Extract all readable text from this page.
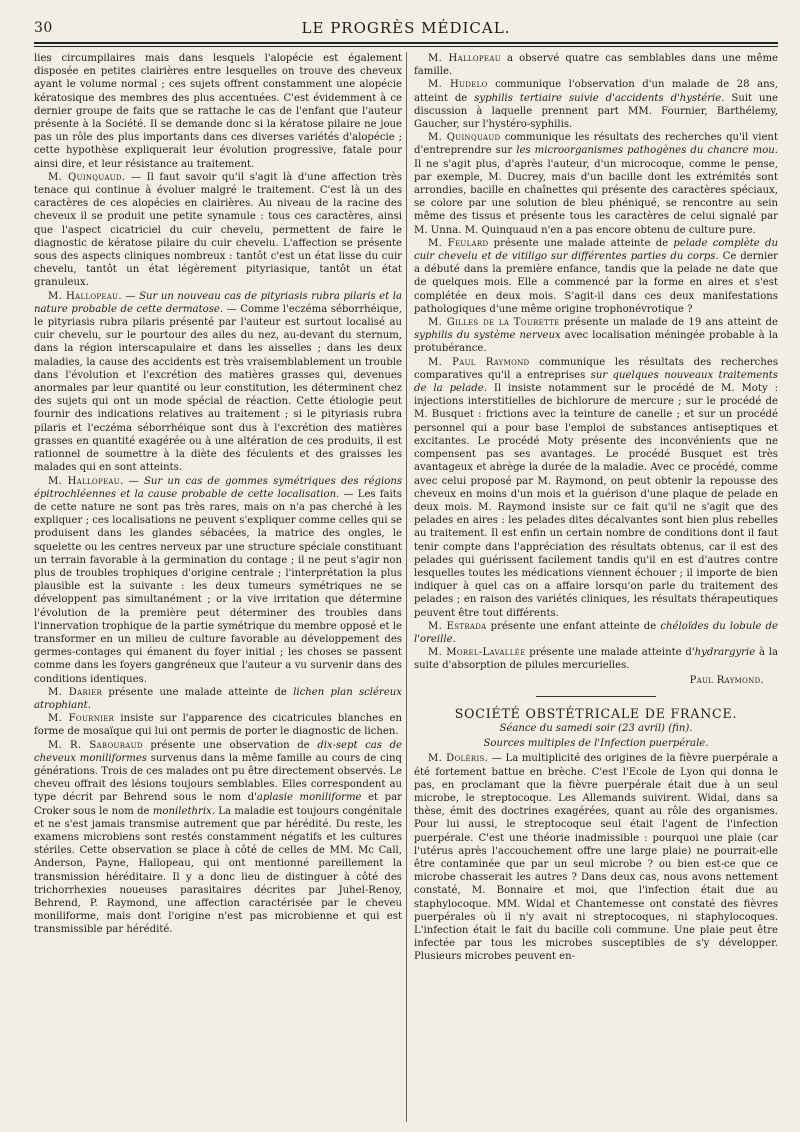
30	LE PROGRÈS MÉDICAL.

lies circumpilaires mais dans lesquels l'alopécie est également disposée en petites clairières entre lesquelles on trouve des cheveux ayant le volume normal ; ces sujets offrent constamment une alopécie kératosique des membres des plus accentuées. C'est évidemment à ce dernier groupe de faits que se rattache le cas de l'enfant que l'auteur présente à la Société. Il se demande donc si la kératose pilaire ne joue pas un rôle des plus importants dans ces diverses variétés d'alopécie ; cette hypothèse expliquerait leur évolution progressive, fatale pour ainsi dire, et leur résistance au traitement.

M. Quinquaud. — Il faut savoir qu'il s'agit là d'une affection très tenace qui continue à évoluer malgré le traitement. C'est là un des caractères de ces alopécies en clairières. Au niveau de la racine des cheveux il se produit une petite synamule : tous ces caractères, ainsi que l'aspect cicatriciel du cuir chevelu, permettent de faire le diagnostic de kératose pilaire du cuir chevelu. L'affection se présente sous des aspects cliniques nombreux : tantôt c'est un état lisse du cuir chevelu, tantôt un état légèrement pityriasique, tantôt un état granuleux.

M. Hallopeau. — Sur un nouveau cas de pityriasis rubra pilaris et la nature probable de cette dermatose. — Comme l'eczéma séborrhéique, le pityriasis rubra pilaris présenté par l'auteur est surtout localisé au cuir chevelu, sur le pourtour des ailes du nez, au-devant du sternum, dans la région interscapulaire et dans les aisselles ; dans les deux maladies, la cause des accidents est très vraisemblablement un trouble dans l'évolution et l'excrétion des matières grasses qui, devenues anormales par leur quantité ou leur constitution, les déterminent chez des sujets qui ont un mode spécial de réaction. Cette étiologie peut fournir des indications relatives au traitement ; si le pityriasis rubra pilaris et l'eczéma séborrhéique sont dus à l'excrétion des matières grasses en quantité exagérée ou à une altération de ces produits, il est rationnel de soumettre à la diète des féculents et des graisses les malades qui en sont atteints.

M. Hallopeau. — Sur un cas de gommes symétriques des régions épitrochléennes et la cause probable de cette localisation. — Les faits de cette nature ne sont pas très rares, mais on n'a pas cherché à les expliquer ; ces localisations ne peuvent s'expliquer comme celles qui se produisent dans les glandes sébacées, la matrice des ongles, le squelette ou les centres nerveux par une structure spéciale constituant un terrain favorable à la germination du contage ; il ne peut s'agir non plus de troubles trophiques d'origine centrale ; l'interprétation la plus plausible est la suivante : les deux tumeurs symétriques ne se développent pas simultanément ; or la vive irritation que détermine l'évolution de la première peut déterminer des troubles dans l'innervation trophique de la partie symétrique du membre opposé et le transformer en un milieu de culture favorable au développement des germes-contages qui émanent du foyer initial ; les choses se passent comme dans les foyers gangréneux que l'auteur a vu survenir dans des conditions identiques.

M. Darier présente une malade atteinte de lichen plan scléreux atrophiant.

M. Fournier insiste sur l'apparence des cicatricules blanches en forme de mosaïque qui lui ont permis de porter le diagnostic de lichen.

M. R. Sabouraud présente une observation de dix-sept cas de cheveux moniliformes survenus dans la même famille au cours de cinq générations. Trois de ces malades ont pu être directement observés. Le cheveu offrait des lésions toujours semblables. Elles correspondent au type décrit par Behrend sous le nom d'aplasie moniliforme et par Croker sous le nom de monilethrix. La maladie est toujours congénitale et ne s'est jamais transmise autrement que par hérédité. Du reste, les examens microbiens sont restés constamment négatifs et les cultures stériles. Cette observation se place à côté de celles de MM. Mc Call, Anderson, Payne, Hallopeau, qui ont mentionné pareillement la transmission héréditaire. Il y a donc lieu de distinguer à côté des trichorrhexies noueuses parasitaires décrites par Juhel-Renoy, Behrend, P. Raymond, une affection caractérisée par le cheveu moniliforme, mais dont l'origine n'est pas microbienne et qui est transmissible par hérédité.

M. Hallopeau a observé quatre cas semblables dans une même famille.

M. Hudelo communique l'observation d'un malade de 28 ans, atteint de syphilis tertiaire suivie d'accidents d'hystérie. Suit une discussion à laquelle prennent part MM. Fournier, Barthélemy, Gaucher, sur l'hystéro-syphilis.

M. Quinquaud communique les résultats des recherches qu'il vient d'entreprendre sur les microorganismes pathogènes du chancre mou. Il ne s'agit plus, d'après l'auteur, d'un microcoque, comme le pense, par exemple, M. Ducrey, mais d'un bacille dont les extrémités sont arrondies, bacille en chaînettes qui présente des caractères spéciaux, se colore par une solution de bleu phéniqué, se rencontre au sein même des tissus et présente tous les caractères de celui signalé par M. Unna. M. Quinquaud n'en a pas encore obtenu de culture pure.

M. Feulard présente une malade atteinte de pelade complète du cuir chevelu et de vitiligo sur différentes parties du corps. Ce dernier a débuté dans la première enfance, tandis que la pelade ne date que de quelques mois. Elle a commencé par la forme en aires et s'est complétée en deux mois. S'agit-il dans ces deux manifestations pathologiques d'une même origine trophonévrotique ?

M. Gilles de la Tourette présente un malade de 19 ans atteint de syphilis du système nerveux avec localisation méningée probable à la protubérance.

M. Paul Raymond communique les résultats des recherches comparatives qu'il a entreprises sur quelques nouveaux traitements de la pelade. Il insiste notamment sur le procédé de M. Moty : injections interstitielles de bichlorure de mercure ; sur le procédé de M. Busquet : frictions avec la teinture de canelle ; et sur un procédé personnel qui a pour base l'emploi de substances antiseptiques et excitantes. Le procédé Moty présente des inconvénients que ne compensent pas ses avantages. Le procédé Busquet est très avantageux et abrège la durée de la maladie. Avec ce procédé, comme avec celui proposé par M. Raymond, on peut obtenir la repousse des cheveux en moins d'un mois et la guérison d'une plaque de pelade en deux mois. M. Raymond insiste sur ce fait qu'il ne s'agit que des pelades en aires : les pelades dites décalvantes sont bien plus rebelles au traitement. Il est enfin un certain nombre de conditions dont il faut tenir compte dans l'appréciation des résultats obtenus, car il est des pelades qui guérissent facilement tandis qu'il en est d'autres contre lesquelles toutes les médications viennent échouer ; il importe de bien indiquer à quel cas on a affaire lorsqu'on parle du traitement des pelades ; en raison des variétés cliniques, les résultats thérapeutiques peuvent être tout différents.

M. Estrada présente une enfant atteinte de chéloïdes du lobule de l'oreille.

M. Morel-Lavallée présente une malade atteinte d'hydrargyrie à la suite d'absorption de pilules mercurielles.

Paul Raymond.
SOCIÉTÉ OBSTÉTRICALE DE FRANCE.
Séance du samedi soir (23 avril) (fin).
Sources multiples de l'Infection puerpérale.

M. Doléris. — La multiplicité des origines de la fièvre puerpérale a été fortement battue en brèche. C'est l'Ecole de Lyon qui donna le pas, en proclamant que la fièvre puerpérale était due à un seul microbe, le streptocoque. Les Allemands suivirent. Widal, dans sa thèse, émit des doctrines exagérées, quant au rôle des organismes. Pour lui aussi, le streptocoque seul était l'agent de l'infection puerpérale. C'est une théorie inadmissible : pourquoi une plaie (car l'utérus après l'accouchement offre une large plaie) ne pourrait-elle être contaminée que par un seul microbe ? ou bien est-ce que ce microbe chasserait les autres ? Dans deux cas, nous avons nettement constaté, M. Bonnaire et moi, que l'infection était due au staphylocoque. MM. Widal et Chantemesse ont constaté des fièvres puerpérales où il n'y avait ni streptocoques, ni staphylocoques. L'infection était le fait du bacille coli commune. Une plaie peut être infectée par tous les microbes susceptibles de s'y développer. Plusieurs microbes peuvent en-
